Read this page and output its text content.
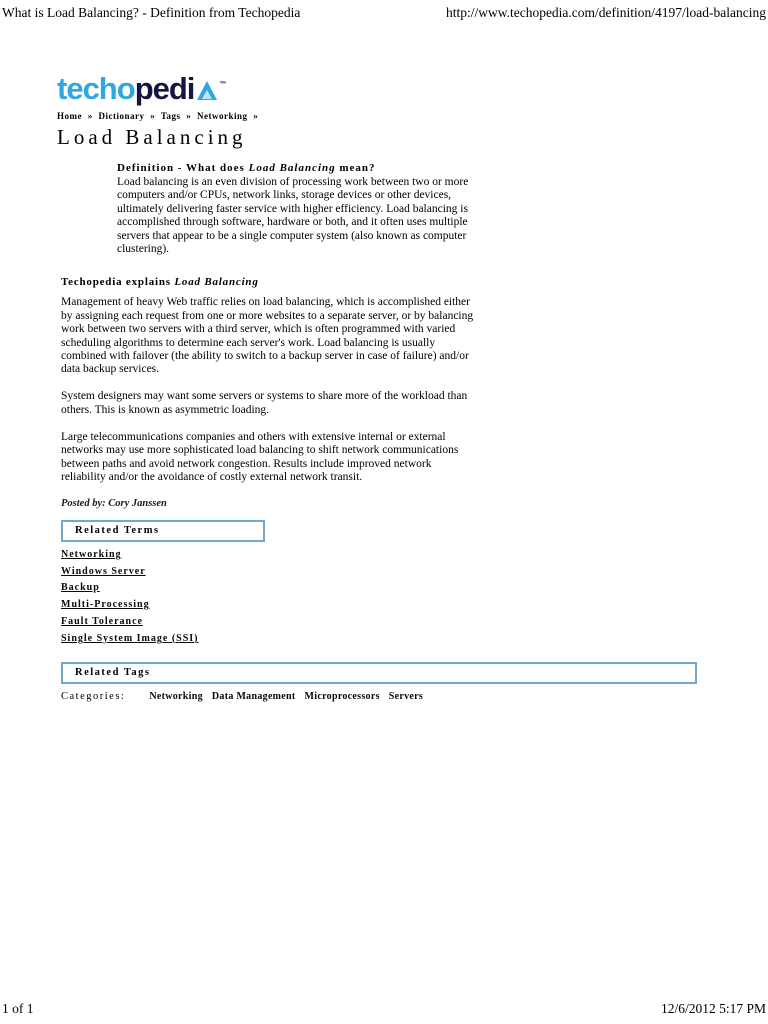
What is Load Balancing? - Definition from Techopedia	http://www.techopedia.com/definition/4197/load-balancing
techo pedi	™
Home » Dictionary » Tags » Networking »
Load Balancing
Definition - What does Load Balancing mean?
Load balancing is an even division of processing work between two or more computers and/or CPUs, network links, storage devices or other devices, ultimately delivering faster service with higher efficiency. Load balancing is accomplished through software, hardware or both, and it often uses multiple servers that appear to be a single computer system (also known as computer clustering).
Techopedia explains Load Balancing
Management of heavy Web traffic relies on load balancing, which is accomplished either by assigning each request from one or more websites to a separate server, or by balancing work between two servers with a third server, which is often programmed with varied scheduling algorithms to determine each server's work. Load balancing is usually combined with failover (the ability to switch to a backup server in case of failure) and/or data backup services.
System designers may want some servers or systems to share more of the workload than others. This is known as asymmetric loading.
Large telecommunications companies and others with extensive internal or external networks may use more sophisticated load balancing to shift network communications between paths and avoid network congestion. Results include improved network reliability and/or the avoidance of costly external network transit.
Posted by: Cory Janssen
Related Terms
Networking
Windows Server
Backup
Multi-Processing
Fault Tolerance
Single System Image (SSI)
Related Tags
Categories: Networking Data Management Microprocessors Servers
1 of 1	12/6/2012 5:17 PM
